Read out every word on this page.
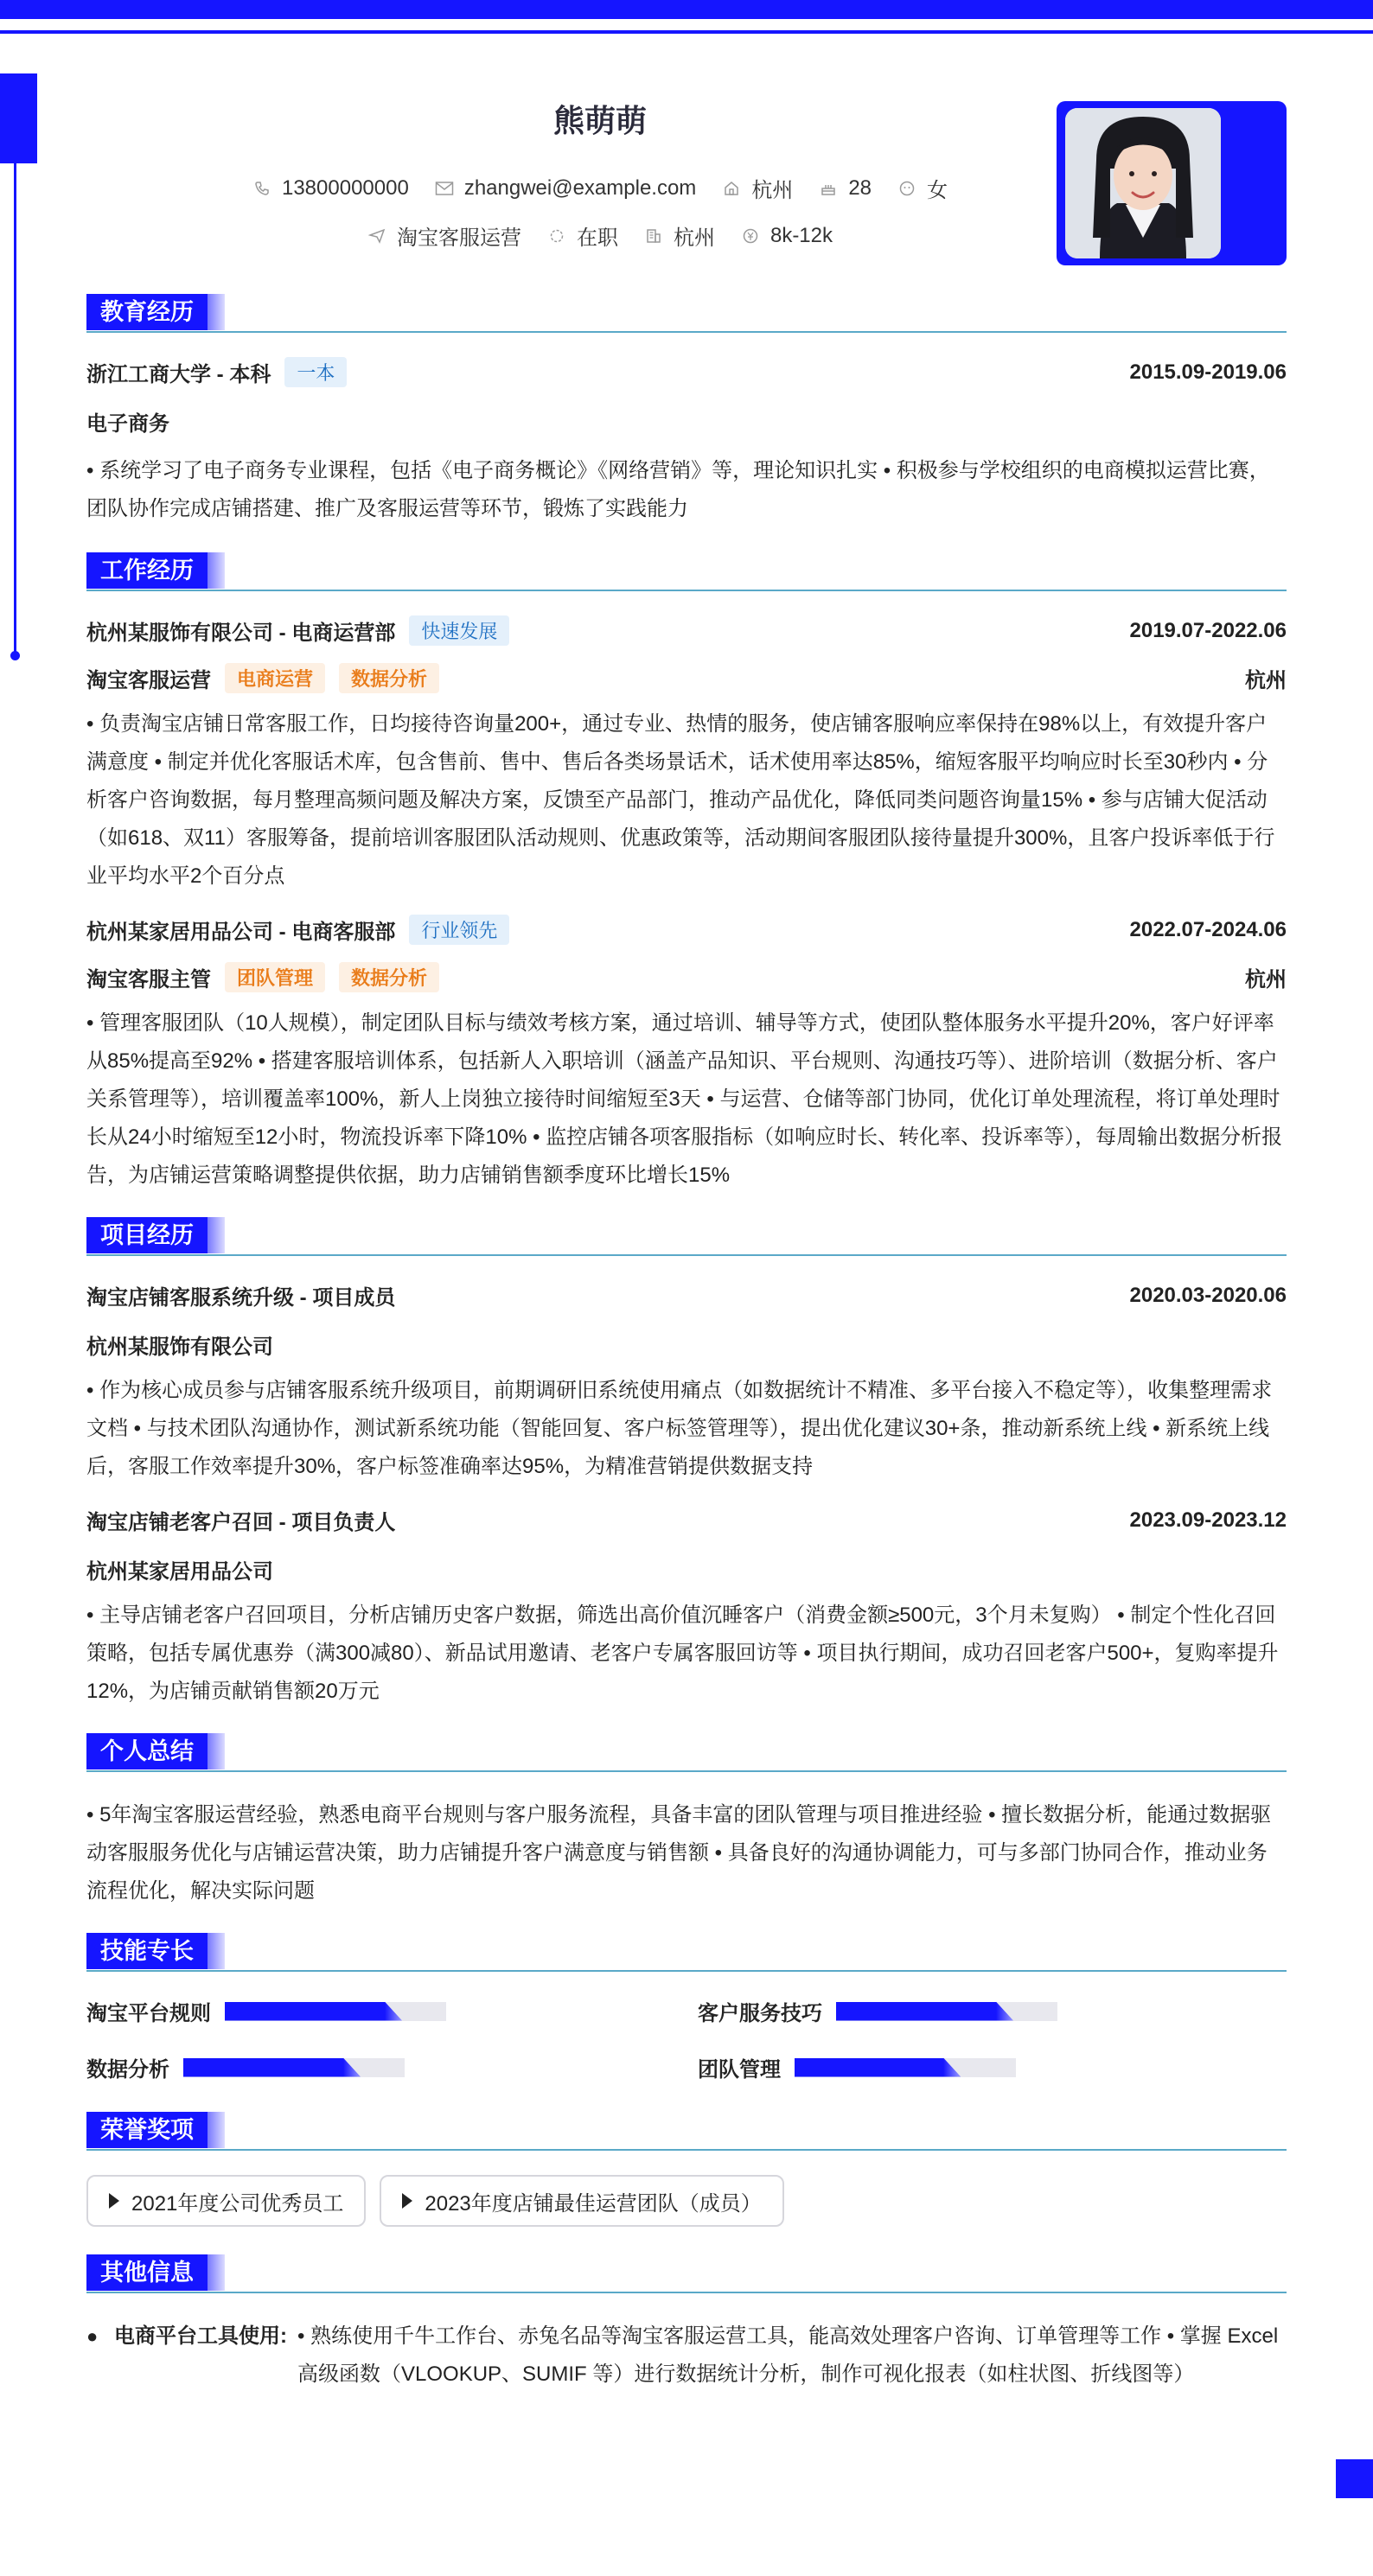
熊萌萌
13800000000	zhangwei@example.com	杭州	28	女
淘宝客服运营	在职	杭州	8k-12k
教育经历
浙江工商大学 - 本科	一本	2015.09-2019.06
电子商务

• 系统学习了电子商务专业课程，包括《电子商务概论》《网络营销》等，理论知识扎实 • 积极参与学校组织的电商模拟运营比赛，团队协作完成店铺搭建、推广及客服运营等环节，锻炼了实践能力

工作经历
杭州某服饰有限公司 - 电商运营部	快速发展	2019.07-2022.06
淘宝客服运营	电商运营	数据分析	杭州

• 负责淘宝店铺日常客服工作，日均接待咨询量200+，通过专业、热情的服务，使店铺客服响应率保持在98%以上，有效提升客户满意度 • 制定并优化客服话术库，包含售前、售中、售后各类场景话术，话术使用率达85%，缩短客服平均响应时长至30秒内 • 分析客户咨询数据，每月整理高频问题及解决方案，反馈至产品部门，推动产品优化，降低同类问题咨询量15% • 参与店铺大促活动（如618、双11）客服筹备，提前培训客服团队活动规则、优惠政策等，活动期间客服团队接待量提升300%，且客户投诉率低于行业平均水平2个百分点

杭州某家居用品公司 - 电商客服部	行业领先	2022.07-2024.06
淘宝客服主管	团队管理	数据分析	杭州

• 管理客服团队（10人规模），制定团队目标与绩效考核方案，通过培训、辅导等方式，使团队整体服务水平提升20%，客户好评率从85%提高至92% • 搭建客服培训体系，包括新人入职培训（涵盖产品知识、平台规则、沟通技巧等）、进阶培训（数据分析、客户关系管理等），培训覆盖率100%，新人上岗独立接待时间缩短至3天 • 与运营、仓储等部门协同，优化订单处理流程，将订单处理时长从24小时缩短至12小时，物流投诉率下降10% • 监控店铺各项客服指标（如响应时长、转化率、投诉率等），每周输出数据分析报告，为店铺运营策略调整提供依据，助力店铺销售额季度环比增长15%

项目经历
淘宝店铺客服系统升级 - 项目成员	2020.03-2020.06
杭州某服饰有限公司

• 作为核心成员参与店铺客服系统升级项目，前期调研旧系统使用痛点（如数据统计不精准、多平台接入不稳定等），收集整理需求文档 • 与技术团队沟通协作，测试新系统功能（智能回复、客户标签管理等），提出优化建议30+条，推动新系统上线 • 新系统上线后，客服工作效率提升30%，客户标签准确率达95%，为精准营销提供数据支持

淘宝店铺老客户召回 - 项目负责人	2023.09-2023.12
杭州某家居用品公司

• 主导店铺老客户召回项目，分析店铺历史客户数据，筛选出高价值沉睡客户（消费金额≥500元，3个月未复购） • 制定个性化召回策略，包括专属优惠券（满300减80）、新品试用邀请、老客户专属客服回访等 • 项目执行期间，成功召回老客户500+，复购率提升12%，为店铺贡献销售额20万元

个人总结

• 5年淘宝客服运营经验，熟悉电商平台规则与客户服务流程，具备丰富的团队管理与项目推进经验 • 擅长数据分析，能通过数据驱动客服服务优化与店铺运营决策，助力店铺提升客户满意度与销售额 • 具备良好的沟通协调能力，可与多部门协同合作，推动业务流程优化，解决实际问题

技能专长
淘宝平台规则	客户服务技巧
数据分析	团队管理
荣誉奖项
2021年度公司优秀员工	2023年度店铺最佳运营团队（成员）
其他信息
● 电商平台工具使用: • 熟练使用千牛工作台、赤兔名品等淘宝客服运营工具，能高效处理客户咨询、订单管理等工作 • 掌握 Excel 高级函数（VLOOKUP、SUMIF 等）进行数据统计分析，制作可视化报表（如柱状图、折线图等）
